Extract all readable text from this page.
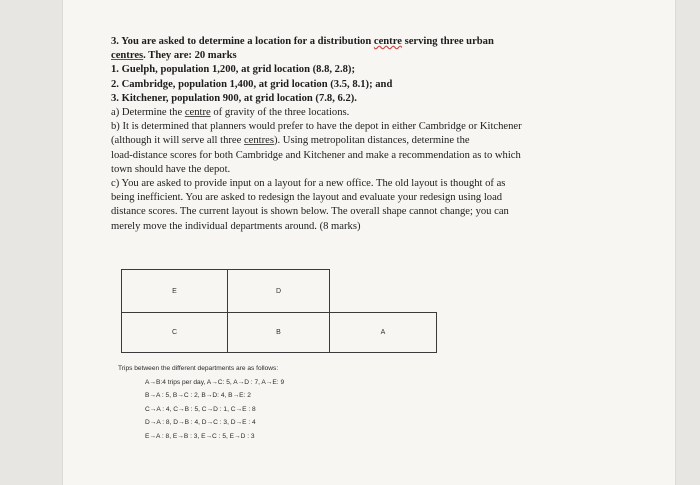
3. You are asked to determine a location for a distribution centre serving three urban
centres. They are: 20 marks
1. Guelph, population 1,200, at grid location (8.8, 2.8);
2. Cambridge, population 1,400, at grid location (3.5, 8.1); and
3. Kitchener, population 900, at grid location (7.8, 6.2).
a) Determine the centre of gravity of the three locations.
b) It is determined that planners would prefer to have the depot in either Cambridge or Kitchener
(although it will serve all three centres). Using metropolitan distances, determine the
load-distance scores for both Cambridge and Kitchener and make a recommendation as to which
town should have the depot.
c) You are asked to provide input on a layout for a new office. The old layout is thought of as
being inefficient. You are asked to redesign the layout and evaluate your redesign using load
distance scores. The current layout is shown below. The overall shape cannot change; you can
merely move the individual departments around. (8 marks)
E	D
C	B	A
Trips between the different departments are as follows:
A→B:4 trips per day, A→C: 5, A→D : 7, A→E: 9
B→A : 5, B→C : 2, B→D: 4, B→E: 2
C→A : 4, C→B : 5, C→D : 1, C→E : 8
D→A : 8, D→B : 4, D→C : 3, D→E : 4
E→A : 8, E→B : 3, E→C : 5, E→D : 3
